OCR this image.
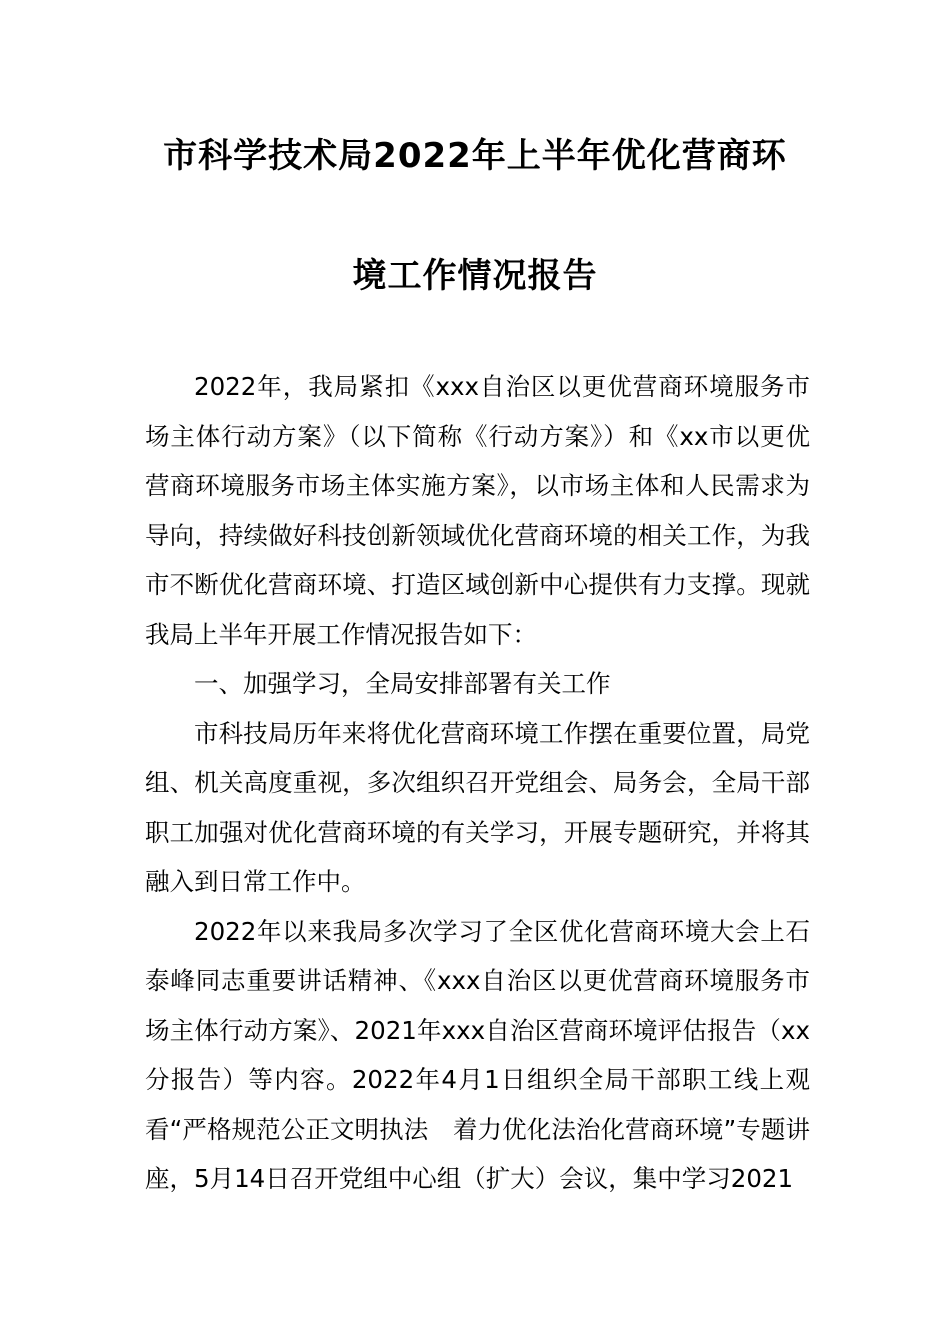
市科学技术局2022年上半年优化营商环
境工作情况报告

2022年，我局紧扣《xxx自治区以更优营商环境服务市场主体行动方案》（以下简称《行动方案》）和《xx市以更优营商环境服务市场主体实施方案》，以市场主体和人民需求为导向，持续做好科技创新领域优化营商环境的相关工作，为我市不断优化营商环境、打造区域创新中心提供有力支撑。现就我局上半年开展工作情况报告如下：

一、加强学习，全局安排部署有关工作

市科技局历年来将优化营商环境工作摆在重要位置，局党组、机关高度重视，多次组织召开党组会、局务会，全局干部职工加强对优化营商环境的有关学习，开展专题研究，并将其融入到日常工作中。

2022年以来我局多次学习了全区优化营商环境大会上石泰峰同志重要讲话精神、《xxx自治区以更优营商环境服务市场主体行动方案》、2021年xxx自治区营商环境评估报告（xx分报告）等内容。2022年4月1日组织全局干部职工线上观看“严格规范公正文明执法　着力优化法治化营商环境”专题讲座，5月14日召开党组中心组（扩大）会议，集中学习2021
